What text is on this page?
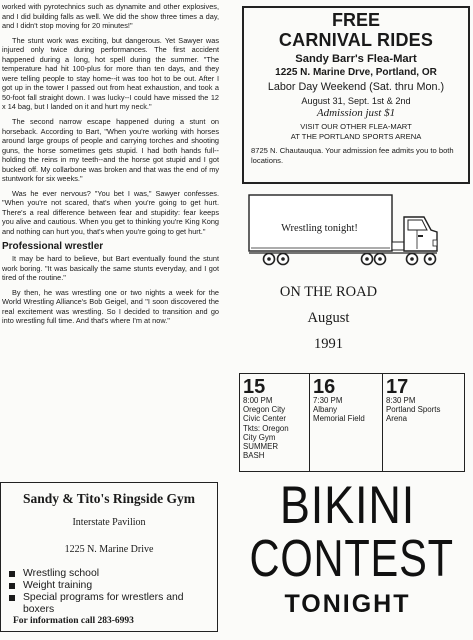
worked with pyrotechnics such as dynamite and other explosives, and I did building falls as well. We did the show three times a day, and I didn't stop moving for 20 minutes!"

The stunt work was exciting, but dangerous. Yet Sawyer was injured only twice during performances. The first accident happened during a long, hot spell during the summer. "The temperature had hit 100-plus for more than ten days, and they were telling people to stay home--it was too hot to be out. After I got up in the tower I passed out from heat exhaustion, and took a 50-foot fall straight down. I was lucky--I could have missed the 12 x 14 bag, but I landed on it and hurt my neck."

The second narrow escape happened during a stunt on horseback. According to Bart, "When you're working with horses around large groups of people and carrying torches and shooting guns, the horse sometimes gets stupid. I had both hands full--holding the reins in my teeth--and the horse got stupid and I got bucked off. My collarbone was broken and that was the end of my stuntwork for six weeks."

Was he ever nervous? "You bet I was," Sawyer confesses. "When you're not scared, that's when you're going to get hurt. There's a real difference between fear and stupidity: fear keeps you alive and cautious. When you get to thinking you're King Kong and nothing can hurt you, that's when you're going to get hurt."

Professional wrestler

It may be hard to believe, but Bart eventually found the stunt work boring. "It was basically the same stunts everyday, and I got tired of the routine."

By then, he was wrestling one or two nights a week for the World Wrestling Alliance's Bob Geigel, and "I soon discovered the real excitement was wrestling. So I decided to transition and go into wrestling full time. And that's where I'm at now."

Sandy & Tito's Ringside Gym
Interstate Pavilion
1225 N. Marine Drive
Wrestling school
Weight training
Special programs for wrestlers and boxers
For information call 283-6993
FREE
CARNIVAL RIDES
Sandy Barr's Flea-Mart
1225 N. Marine Drve, Portland, OR
Labor Day Weekend (Sat. thru Mon.)
August 31, Sept. 1st & 2nd
Admission just $1
VISIT OUR OTHER FLEA-MART
AT THE PORTLAND SPORTS ARENA
8725 N. Chautauqua. Your admission fee admits you to both locations.
Wrestling tonight!
ON THE ROAD
August
1991
15
8:00 PM
Oregon City
Civic Center
Tkts: Oregon
City Gym
SUMMER
BASH
16
7:30 PM
Albany
Memorial Field
17
8:30 PM
Portland Sports
Arena
BIKINI
CONTEST
TONIGHT
